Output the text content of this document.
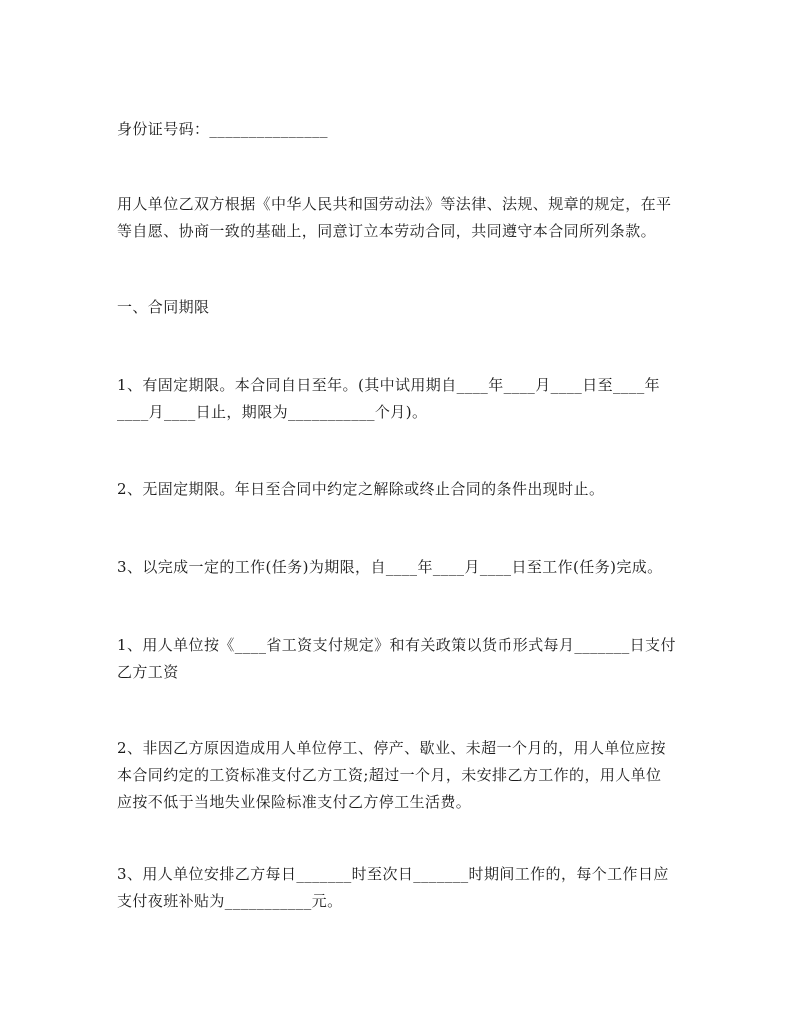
身份证号码：_______________

用人单位乙双方根据《中华人民共和国劳动法》等法律、法规、规章的规定，在平
等自愿、协商一致的基础上，同意订立本劳动合同，共同遵守本合同所列条款。

一、合同期限

1、有固定期限。本合同自日至年。(其中试用期自____年____月____日至____年
____月____日止，期限为___________个月)。

2、无固定期限。年日至合同中约定之解除或终止合同的条件出现时止。

3、以完成一定的工作(任务)为期限，自____年____月____日至工作(任务)完成。

1、用人单位按《____省工资支付规定》和有关政策以货币形式每月_______日支付
乙方工资

2、非因乙方原因造成用人单位停工、停产、歇业、未超一个月的，用人单位应按
本合同约定的工资标准支付乙方工资;超过一个月，未安排乙方工作的，用人单位
应按不低于当地失业保险标准支付乙方停工生活费。

3、用人单位安排乙方每日_______时至次日_______时期间工作的，每个工作日应
支付夜班补贴为___________元。
